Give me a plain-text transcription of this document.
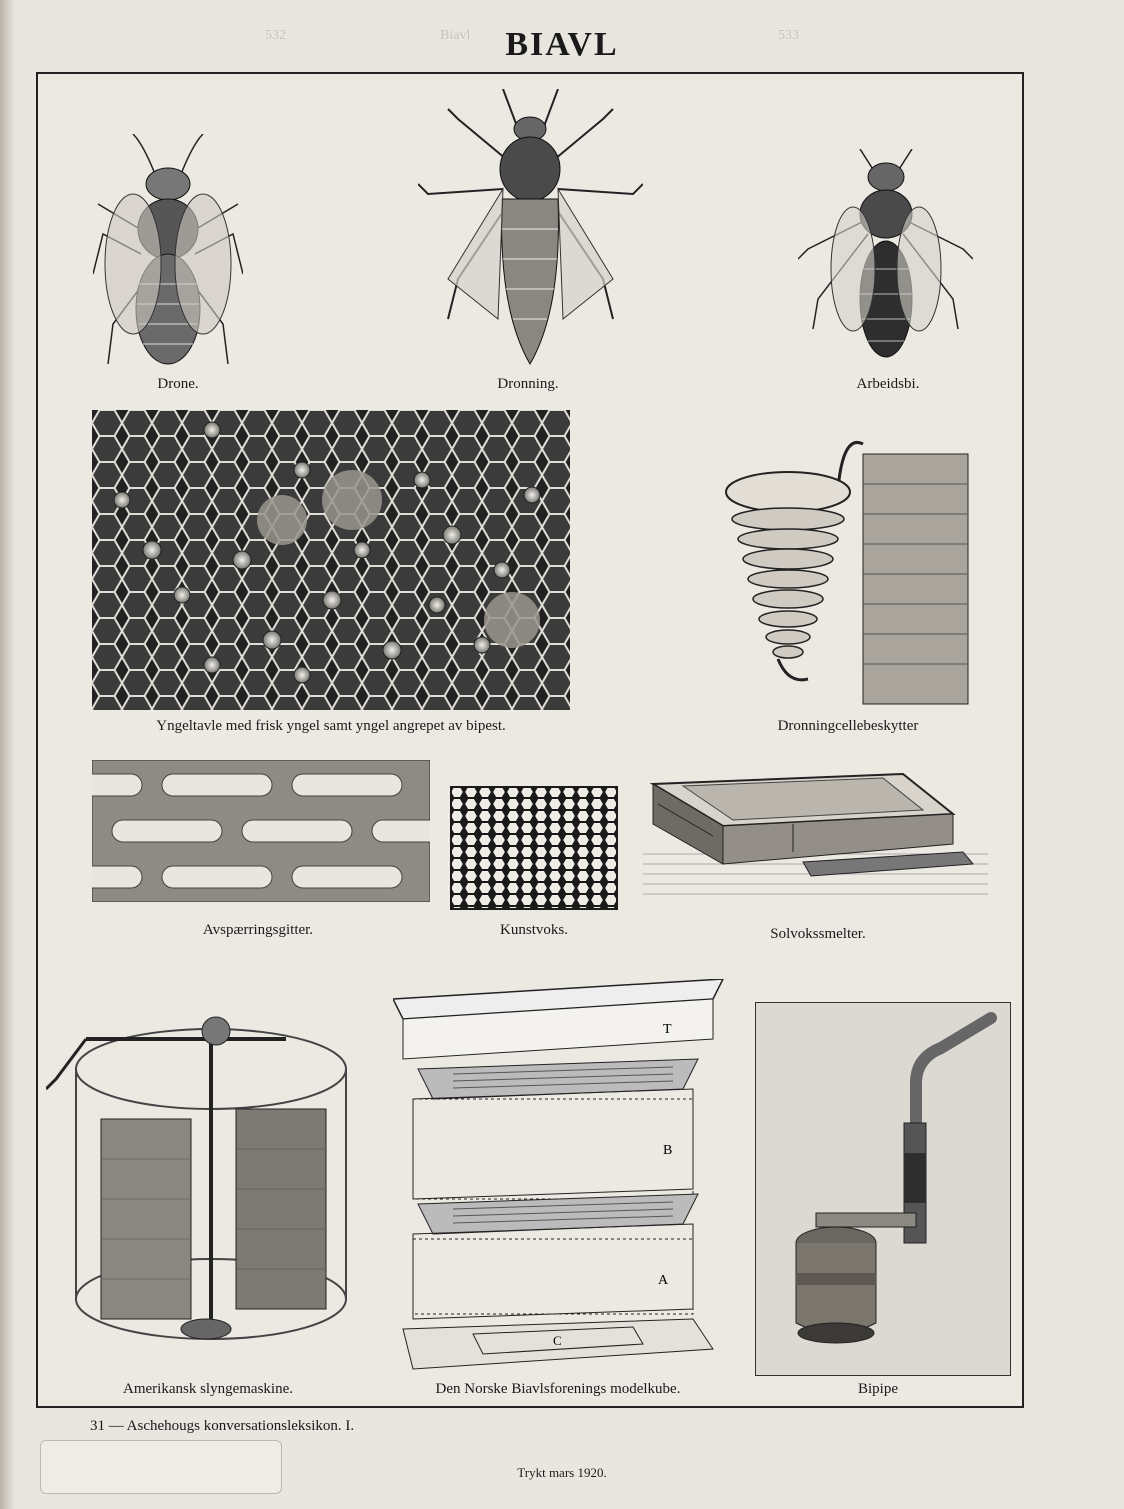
532	Biavl	533
BIAVL
Drone.	Dronning.	Arbeidsbi.
Yngeltavle med frisk yngel samt yngel angrepet av bipest.	Dronningcellebeskytter
Avspærringsgitter.	Kunstvoks.	Solvokssmelter.
Amerikansk slyngemaskine.
T
B
A
C
Den Norske Biavlsforenings modelkube.	Bipipe
31 — Aschehougs konversationsleksikon. I.
Trykt mars 1920.
